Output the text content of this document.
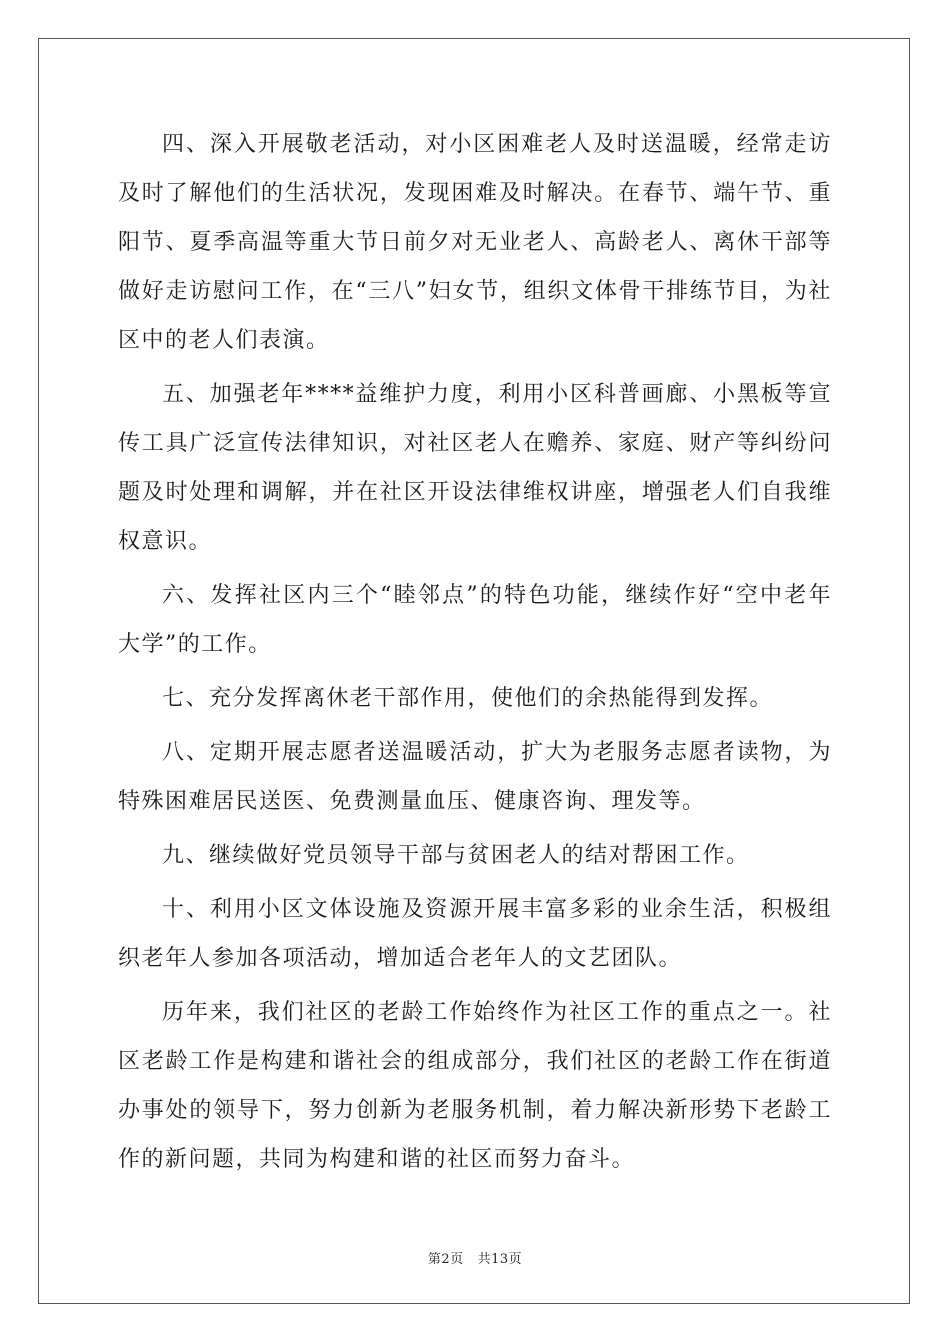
四、深入开展敬老活动，对小区困难老人及时送温暖，经常走访及时了解他们的生活状况，发现困难及时解决。在春节、端午节、重阳节、夏季高温等重大节日前夕对无业老人、高龄老人、离休干部等做好走访慰问工作，在“三八”妇女节，组织文体骨干排练节目，为社区中的老人们表演。

五、加强老年****益维护力度，利用小区科普画廊、小黑板等宣传工具广泛宣传法律知识，对社区老人在赡养、家庭、财产等纠纷问题及时处理和调解，并在社区开设法律维权讲座，增强老人们自我维权意识。

六、发挥社区内三个“睦邻点”的特色功能，继续作好“空中老年大学”的工作。

七、充分发挥离休老干部作用，使他们的余热能得到发挥。

八、定期开展志愿者送温暖活动，扩大为老服务志愿者读物，为特殊困难居民送医、免费测量血压、健康咨询、理发等。

九、继续做好党员领导干部与贫困老人的结对帮困工作。

十、利用小区文体设施及资源开展丰富多彩的业余生活，积极组织老年人参加各项活动，增加适合老年人的文艺团队。

历年来，我们社区的老龄工作始终作为社区工作的重点之一。社区老龄工作是构建和谐社会的组成部分，我们社区的老龄工作在街道办事处的领导下，努力创新为老服务机制，着力解决新形势下老龄工作的新问题，共同为构建和谐的社区而努力奋斗。

第2页 共13页
